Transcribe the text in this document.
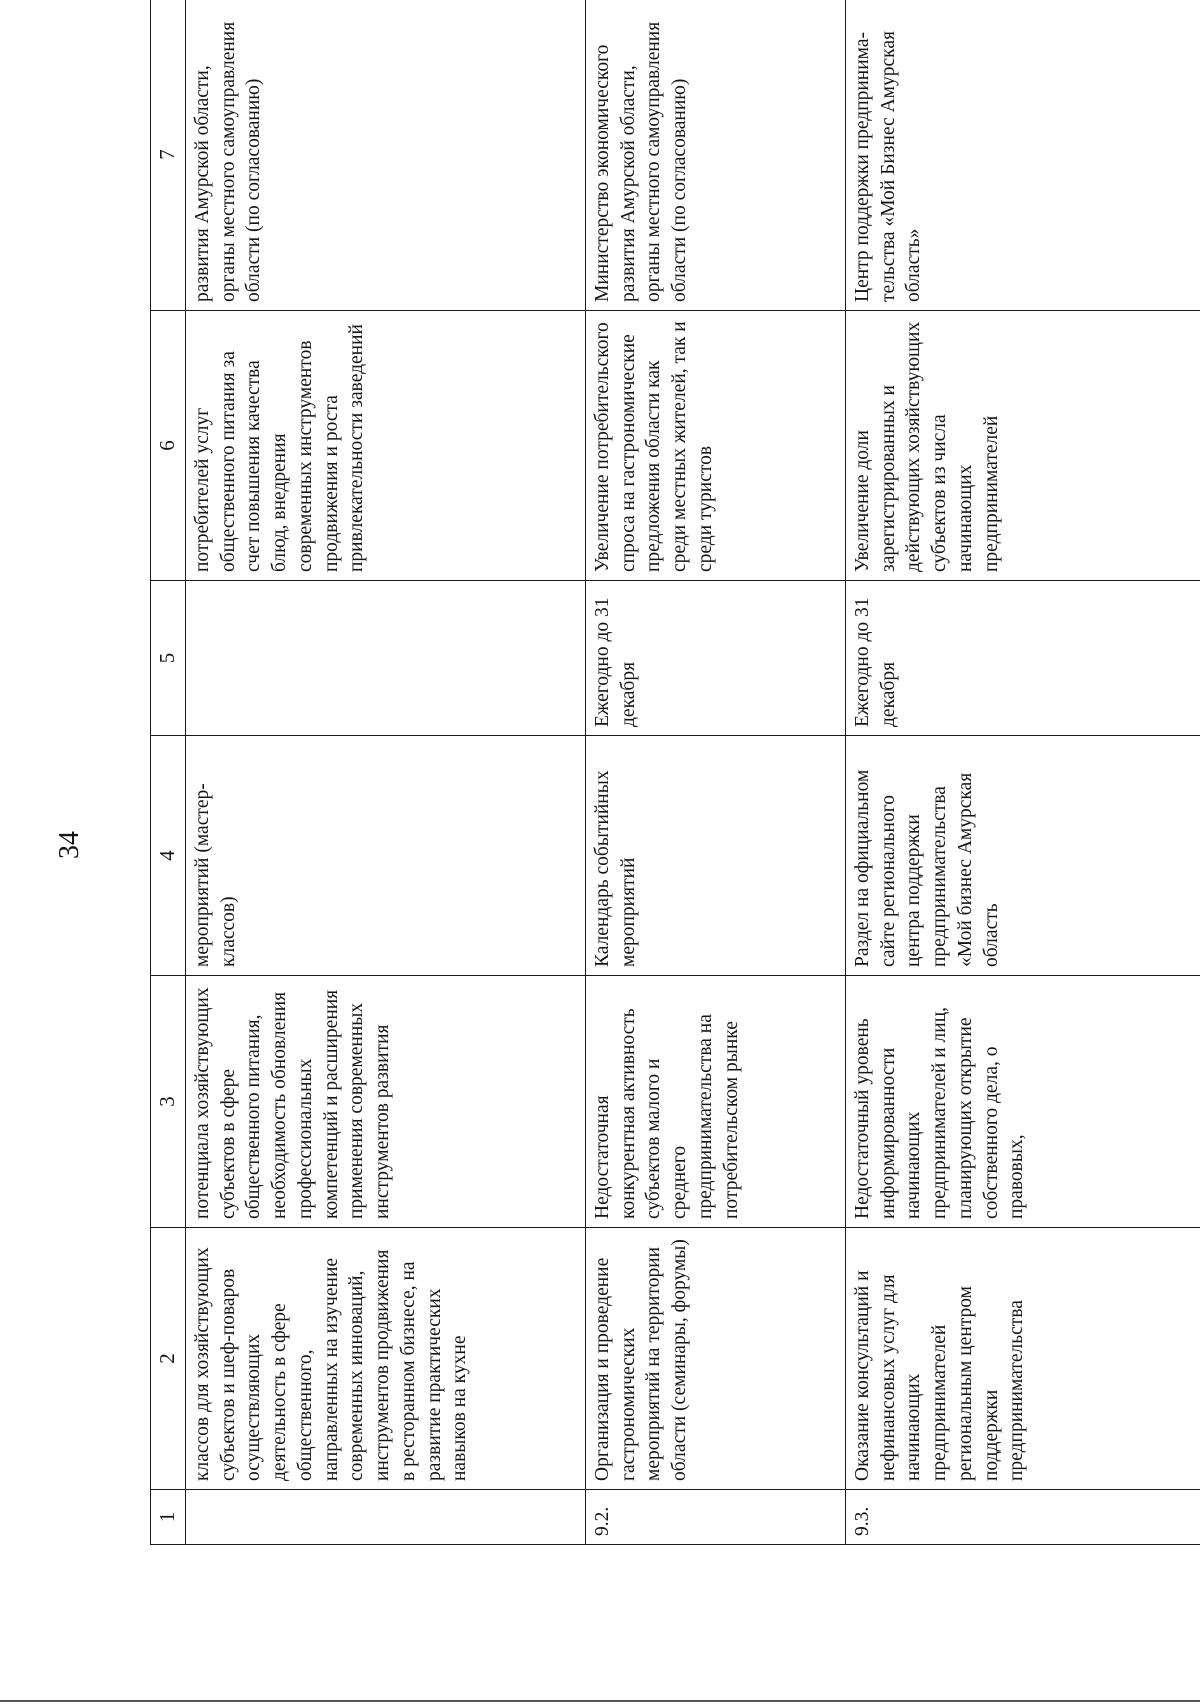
34
1	2	3	4	5	6	7
	классов для хозяйствующих субъектов и шеф-поваров осуществляющих деятельность в сфере общественного, направленных на изучение современных инноваций, инструментов продвижения в ресторанном бизнесе, на развитие практических навыков на кухне	потенциала хозяйствующих субъектов в сфере общественного питания, необходимость обновления профессиональных компетенций и расширения применения современных инструментов развития	мероприятий (мастер-классов)		потребителей услуг общественного питания за счет повышения качества блюд, внедрения современных инструментов продвижения и роста привлекательности заведений	развития Амурской области, органы местного самоуправления области (по согласованию)
9.2.	Организация и проведение гастрономических мероприятий на территории области (семинары, форумы)	Недостаточная конкурентная активность субъектов малого и среднего предпринимательства на потребительском рынке	Календарь событийных мероприятий	Ежегодно до 31 декабря	Увеличение потребительского спроса на гастрономические предложения области как среди местных жителей, так и среди туристов	Министерство экономического развития Амурской области, органы местного самоуправления области (по согласованию)
9.3.	Оказание консультаций и нефинансовых услуг для начинающих предпринимателей региональным центром поддержки предпринимательства	Недостаточный уровень информированности начинающих предпринимателей и лиц, планирующих открытие собственного дела, о правовых,	Раздел на официальном сайте регионального центра поддержки предпринимательства «Мой бизнес Амурская область	Ежегодно до 31 декабря	Увеличение доли зарегистрированных и действующих хозяйствующих субъектов из числа начинающих предпринимателей	Центр поддержки предпринима-тельства «Мой Бизнес Амурская область»
